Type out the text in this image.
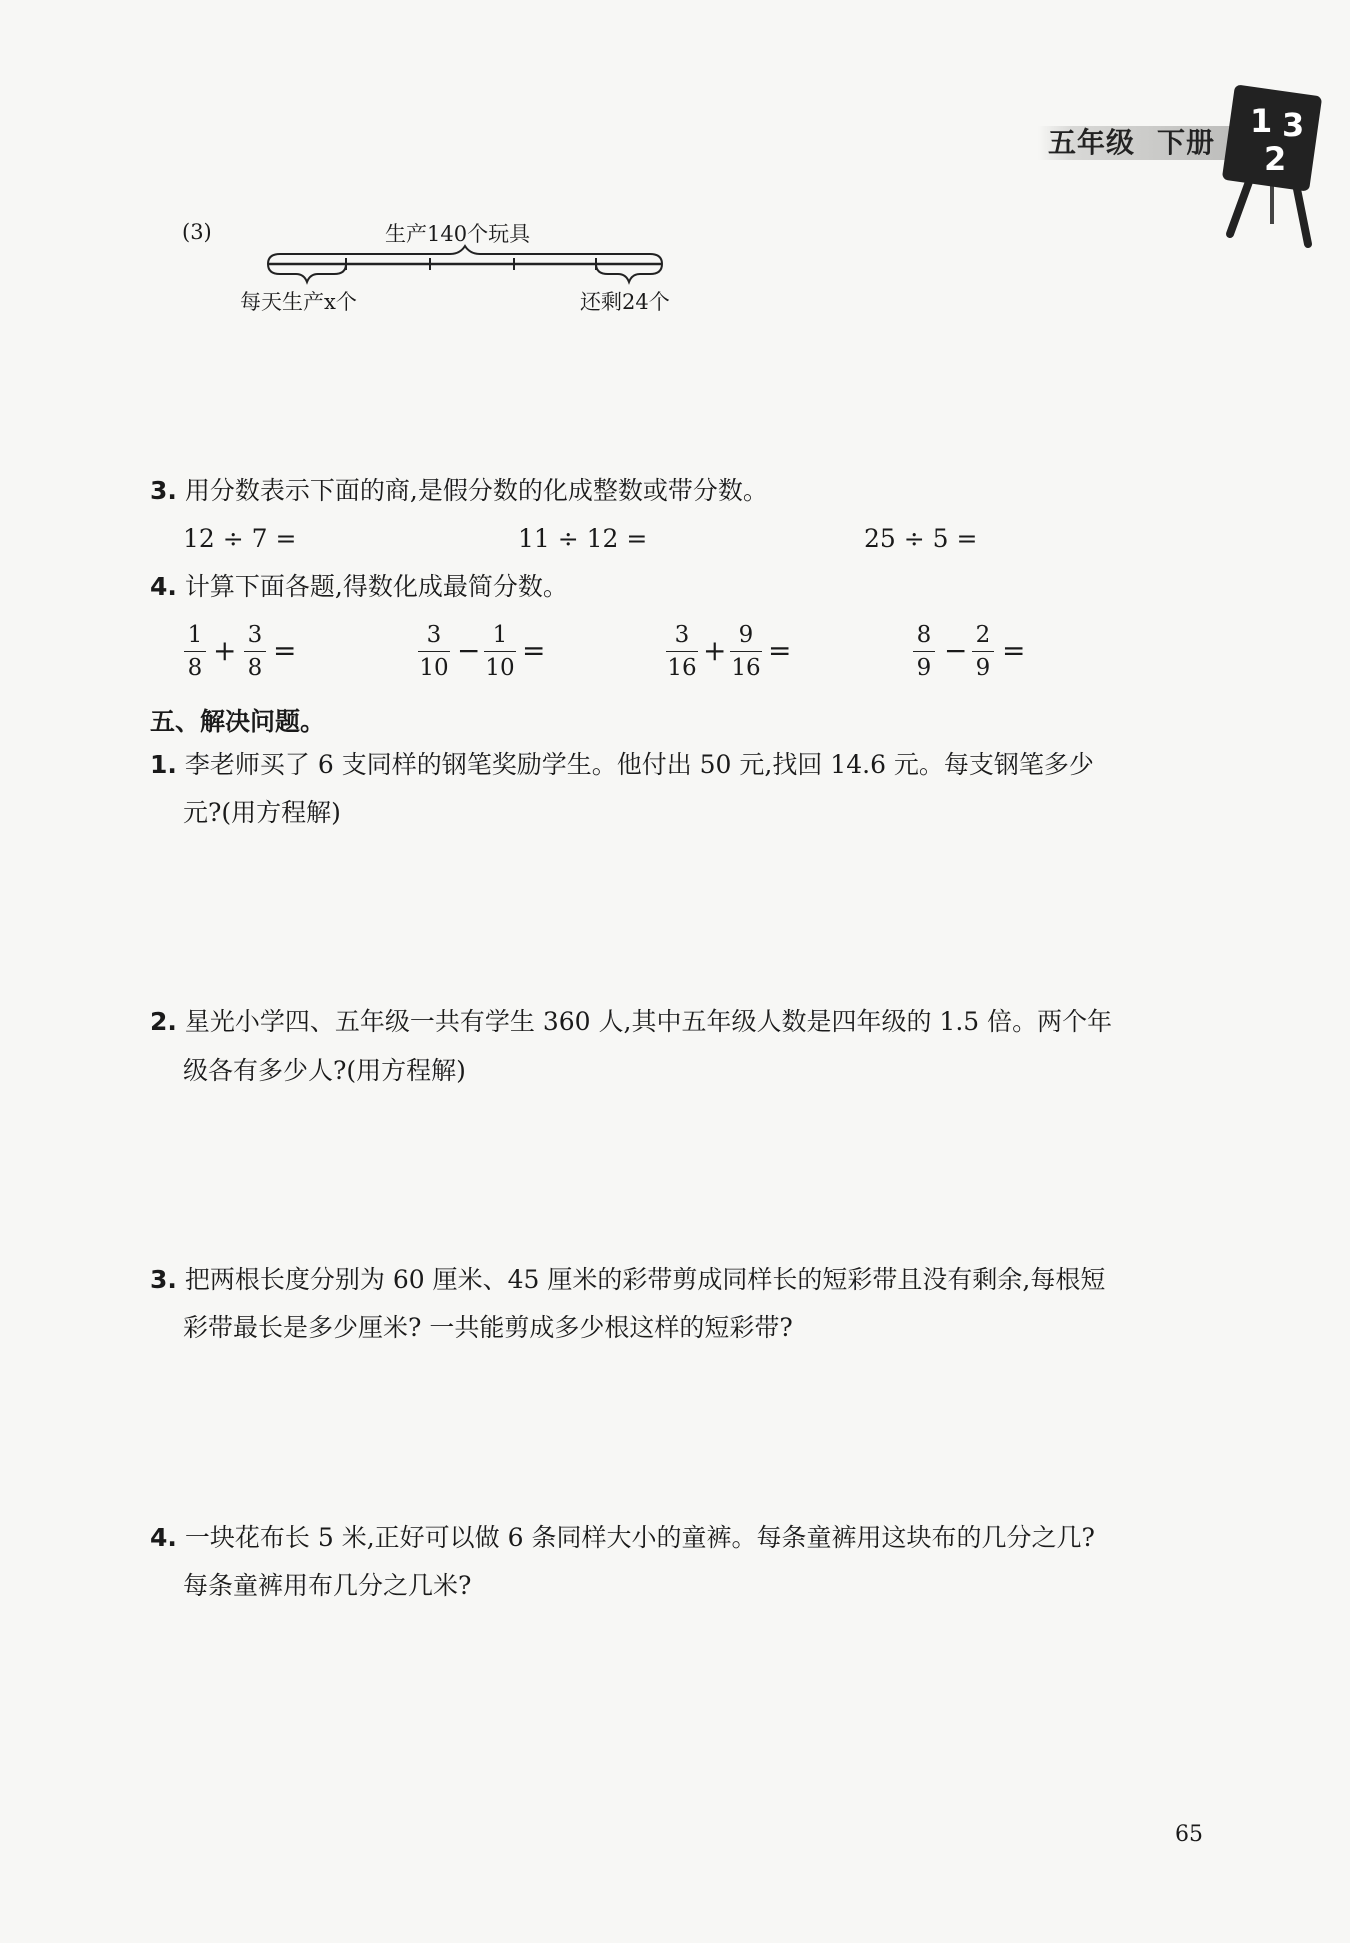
五年级 下册
1 3
2
(3)	生产140个玩具
每天生产x个	还剩24个
3. 用分数表示下面的商,是假分数的化成整数或带分数。
12 ÷ 7 =	11 ÷ 12 =	25 ÷ 5 =
4. 计算下面各题,得数化成最简分数。
1
8
+ 3
8
=	3
10
− 1
10
=	3
16
+ 9
16
=	8
9
− 2
9
=
五、解决问题。
1. 李老师买了 6 支同样的钢笔奖励学生。他付出 50 元,找回 14.6 元。每支钢笔多少
元?(用方程解)
2. 星光小学四、五年级一共有学生 360 人,其中五年级人数是四年级的 1.5 倍。两个年
级各有多少人?(用方程解)
3. 把两根长度分别为 60 厘米、45 厘米的彩带剪成同样长的短彩带且没有剩余,每根短
彩带最长是多少厘米? 一共能剪成多少根这样的短彩带?
4. 一块花布长 5 米,正好可以做 6 条同样大小的童裤。每条童裤用这块布的几分之几?
每条童裤用布几分之几米?
65
